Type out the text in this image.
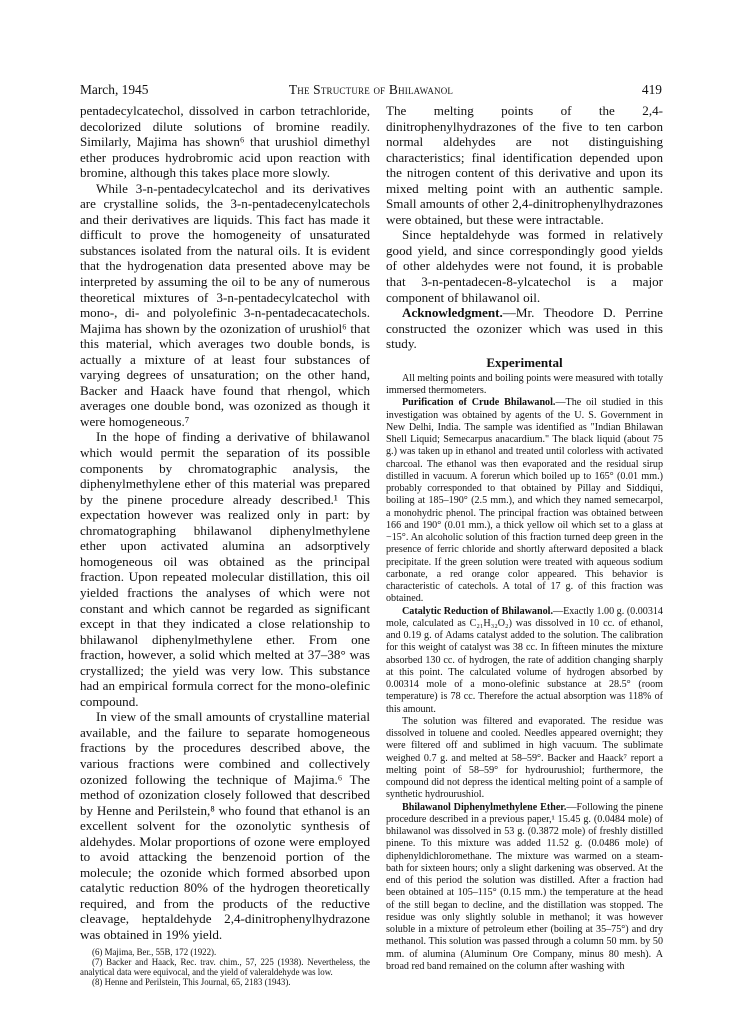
March, 1945	The Structure of Bhilawanol	419

pentadecylcatechol, dissolved in carbon tetrachloride, decolorized dilute solutions of bromine readily. Similarly, Majima has shown⁶ that urushiol dimethyl ether produces hydrobromic acid upon reaction with bromine, although this takes place more slowly.

While 3-n-pentadecylcatechol and its derivatives are crystalline solids, the 3-n-pentadecenylcatechols and their derivatives are liquids. This fact has made it difficult to prove the homogeneity of unsaturated substances isolated from the natural oils. It is evident that the hydrogenation data presented above may be interpreted by assuming the oil to be any of numerous theoretical mixtures of 3-n-pentadecylcatechol with mono-, di- and polyolefinic 3-n-pentadecacatechols. Majima has shown by the ozonization of urushiol⁶ that this material, which averages two double bonds, is actually a mixture of at least four substances of varying degrees of unsaturation; on the other hand, Backer and Haack have found that rhengol, which averages one double bond, was ozonized as though it were homogeneous.⁷

In the hope of finding a derivative of bhilawanol which would permit the separation of its possible components by chromatographic analysis, the diphenylmethylene ether of this material was prepared by the pinene procedure already described.¹ This expectation however was realized only in part: by chromatographing bhilawanol diphenylmethylene ether upon activated alumina an adsorptively homogeneous oil was obtained as the principal fraction. Upon repeated molecular distillation, this oil yielded fractions the analyses of which were not constant and which cannot be regarded as significant except in that they indicated a close relationship to bhilawanol diphenylmethylene ether. From one fraction, however, a solid which melted at 37–38° was crystallized; the yield was very low. This substance had an empirical formula correct for the mono-olefinic compound.

In view of the small amounts of crystalline material available, and the failure to separate homogeneous fractions by the procedures described above, the various fractions were combined and collectively ozonized following the technique of Majima.⁶ The method of ozonization closely followed that described by Henne and Perilstein,⁸ who found that ethanol is an excellent solvent for the ozonolytic synthesis of aldehydes. Molar proportions of ozone were employed to avoid attacking the benzenoid portion of the molecule; the ozonide which formed absorbed upon catalytic reduction 80% of the hydrogen theoretically required, and from the products of the reductive cleavage, heptaldehyde 2,4-dinitrophenylhydrazone was obtained in 19% yield.

(6) Majima, Ber., 55B, 172 (1922).

(7) Backer and Haack, Rec. trav. chim., 57, 225 (1938). Nevertheless, the analytical data were equivocal, and the yield of valeraldehyde was low.

(8) Henne and Perilstein, This Journal, 65, 2183 (1943).

The melting points of the 2,4-dinitrophenylhydrazones of the five to ten carbon normal aldehydes are not distinguishing characteristics; final identification depended upon the nitrogen content of this derivative and upon its mixed melting point with an authentic sample. Small amounts of other 2,4-dinitrophenylhydrazones were obtained, but these were intractable.

Since heptaldehyde was formed in relatively good yield, and since correspondingly good yields of other aldehydes were not found, it is probable that 3-n-pentadecen-8-ylcatechol is a major component of bhilawanol oil.

Acknowledgment.—Mr. Theodore D. Perrine constructed the ozonizer which was used in this study.

Experimental

All melting points and boiling points were measured with totally immersed thermometers.

Purification of Crude Bhilawanol.—The oil studied in this investigation was obtained by agents of the U. S. Government in New Delhi, India. The sample was identified as "Indian Bhilawan Shell Liquid; Semecarpus anacardium." The black liquid (about 75 g.) was taken up in ethanol and treated until colorless with activated charcoal. The ethanol was then evaporated and the residual sirup distilled in vacuum. A forerun which boiled up to 165° (0.01 mm.) probably corresponded to that obtained by Pillay and Siddiqui, boiling at 185–190° (2.5 mm.), and which they named semecarpol, a monohydric phenol. The principal fraction was obtained between 166 and 190° (0.01 mm.), a thick yellow oil which set to a glass at −15°. An alcoholic solution of this fraction turned deep green in the presence of ferric chloride and shortly afterward deposited a black precipitate. If the green solution were treated with aqueous sodium carbonate, a red orange color appeared. This behavior is characteristic of catechols. A total of 17 g. of this fraction was obtained.

Catalytic Reduction of Bhilawanol.—Exactly 1.00 g. (0.00314 mole, calculated as C₂₁H₃₂O₂) was dissolved in 10 cc. of ethanol, and 0.19 g. of Adams catalyst added to the solution. The calibration for this weight of catalyst was 38 cc. In fifteen minutes the mixture absorbed 130 cc. of hydrogen, the rate of addition changing sharply at this point. The calculated volume of hydrogen absorbed by 0.00314 mole of a mono-olefinic substance at 28.5° (room temperature) is 78 cc. Therefore the actual absorption was 118% of this amount.

The solution was filtered and evaporated. The residue was dissolved in toluene and cooled. Needles appeared overnight; they were filtered off and sublimed in high vacuum. The sublimate weighed 0.7 g. and melted at 58–59°. Backer and Haack⁷ report a melting point of 58–59° for hydrourushiol; furthermore, the compound did not depress the identical melting point of a sample of synthetic hydrourushiol.

Bhilawanol Diphenylmethylene Ether.—Following the pinene procedure described in a previous paper,¹ 15.45 g. (0.0484 mole) of bhilawanol was dissolved in 53 g. (0.3872 mole) of freshly distilled pinene. To this mixture was added 11.52 g. (0.0486 mole) of diphenyldichloromethane. The mixture was warmed on a steam-bath for sixteen hours; only a slight darkening was observed. At the end of this period the solution was distilled. After a fraction had been obtained at 105–115° (0.15 mm.) the temperature at the head of the still began to decline, and the distillation was stopped. The residue was only slightly soluble in methanol; it was however soluble in a mixture of petroleum ether (boiling at 35–75°) and dry methanol. This solution was passed through a column 50 mm. by 50 mm. of alumina (Aluminum Ore Company, minus 80 mesh). A broad red band remained on the column after washing with
